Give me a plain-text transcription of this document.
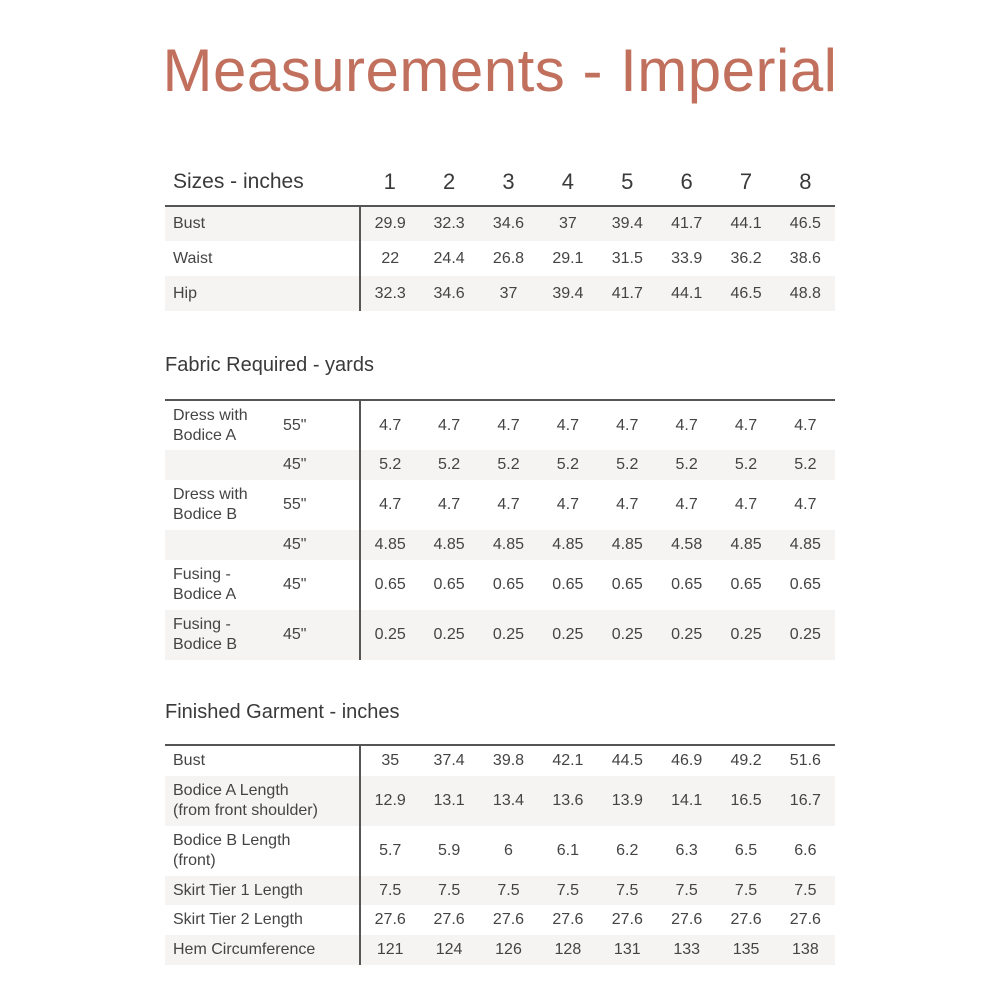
Measurements - Imperial
Sizes - inches	1	2	3	4	5	6	7	8
Bust	29.9	32.3	34.6	37	39.4	41.7	44.1	46.5
Waist	22	24.4	26.8	29.1	31.5	33.9	36.2	38.6
Hip	32.3	34.6	37	39.4	41.7	44.1	46.5	48.8
Fabric Required - yards
Dress with
Bodice A	55"	4.7	4.7	4.7	4.7	4.7	4.7	4.7	4.7
	45"	5.2	5.2	5.2	5.2	5.2	5.2	5.2	5.2
Dress with
Bodice B	55"	4.7	4.7	4.7	4.7	4.7	4.7	4.7	4.7
	45"	4.85	4.85	4.85	4.85	4.85	4.58	4.85	4.85
Fusing -
Bodice A	45"	0.65	0.65	0.65	0.65	0.65	0.65	0.65	0.65
Fusing -
Bodice B	45"	0.25	0.25	0.25	0.25	0.25	0.25	0.25	0.25
Finished Garment - inches
Bust	35	37.4	39.8	42.1	44.5	46.9	49.2	51.6
Bodice A Length
(from front shoulder)	12.9	13.1	13.4	13.6	13.9	14.1	16.5	16.7
Bodice B Length
(front)	5.7	5.9	6	6.1	6.2	6.3	6.5	6.6
Skirt Tier 1 Length	7.5	7.5	7.5	7.5	7.5	7.5	7.5	7.5
Skirt Tier 2 Length	27.6	27.6	27.6	27.6	27.6	27.6	27.6	27.6
Hem Circumference	121	124	126	128	131	133	135	138
